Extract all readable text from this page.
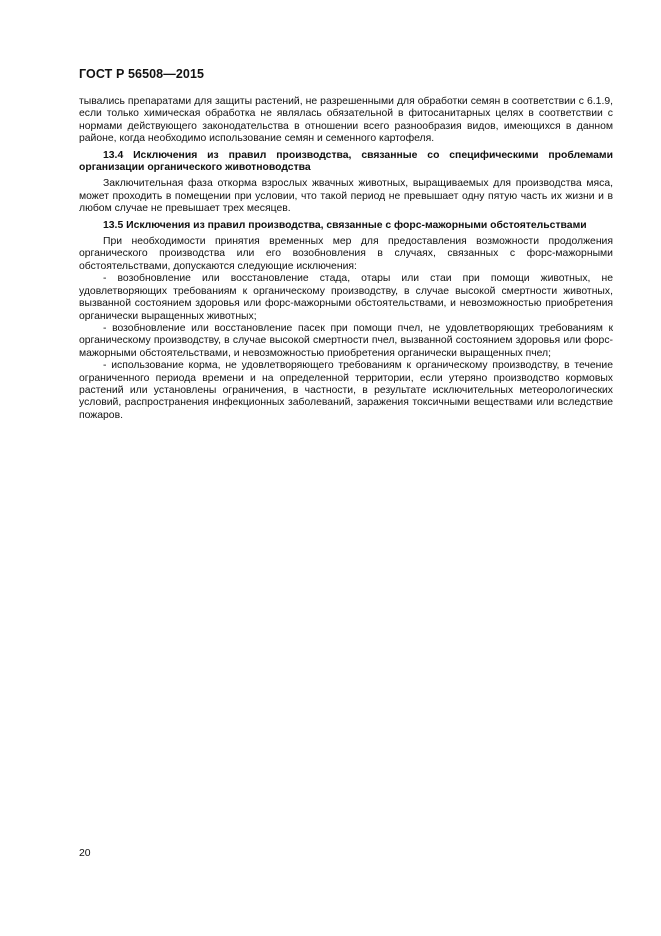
ГОСТ Р 56508—2015

тывались препаратами для защиты растений, не разрешенными для обработки семян в соответствии с 6.1.9, если только химическая обработка не являлась обязательной в фитосанитарных целях в соответствии с нормами действующего законодательства в отношении всего разнообразия видов, имеющихся в данном районе, когда необходимо использование семян и семенного картофеля.

13.4 Исключения из правил производства, связанные со специфическими проблемами организации органического животноводства

Заключительная фаза откорма взрослых жвачных животных, выращиваемых для производства мяса, может проходить в помещении при условии, что такой период не превышает одну пятую часть их жизни и в любом случае не превышает трех месяцев.

13.5 Исключения из правил производства, связанные с форс-мажорными обстоятельствами

При необходимости принятия временных мер для предоставления возможности продолжения органического производства или его возобновления в случаях, связанных с форс-мажорными обстоятельствами, допускаются следующие исключения:

- возобновление или восстановление стада, отары или стаи при помощи животных, не удовлетворяющих требованиям к органическому производству, в случае высокой смертности животных, вызванной состоянием здоровья или форс-мажорными обстоятельствами, и невозможностью приобретения органически выращенных животных;

- возобновление или восстановление пасек при помощи пчел, не удовлетворяющих требованиям к органическому производству, в случае высокой смертности пчел, вызванной состоянием здоровья или форс-мажорными обстоятельствами, и невозможностью приобретения органически выращенных пчел;

- использование корма, не удовлетворяющего требованиям к органическому производству, в течение ограниченного периода времени и на определенной территории, если утеряно производство кормовых растений или установлены ограничения, в частности, в результате исключительных метеорологических условий, распространения инфекционных заболеваний, заражения токсичными веществами или вследствие пожаров.

20
